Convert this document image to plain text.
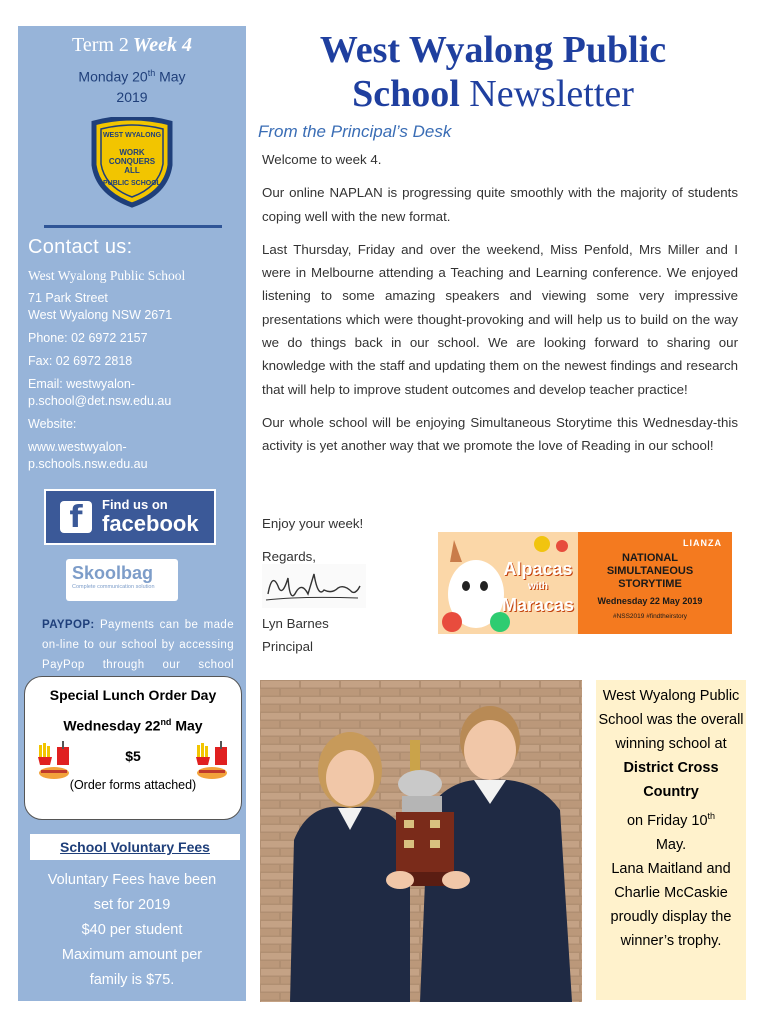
Term 2 Week 4
Monday 20th May
2019
WEST WYALONG
WORK
CONQUERS
ALL
PUBLIC SCHOOL
Contact us:
West Wyalong Public School
71 Park Street
West Wyalong NSW 2671
Phone: 02 6972 2157
Fax: 02 6972 2818
Email: westwyalon-
p.school@det.nsw.edu.au
Website:
www.westwyalon-
p.schools.nsw.edu.au
f	Find us on
facebook
Skoolbag
Complete communication solution
PAYPOP: Payments can be made on-line to our school by accessing PayPop through our school
Special Lunch Order Day
Wednesday 22nd May
$5
(Order forms attached)
School Voluntary Fees
Voluntary Fees have been
set for 2019
$40 per student
Maximum amount per
family is $75.
West Wyalong Public
School Newsletter
From the Principal’s Desk

Welcome to week 4.

Our online NAPLAN is progressing quite smoothly with the majority of students coping well with the new format.

Last Thursday, Friday and over the weekend, Miss Penfold, Mrs Miller and I were in Melbourne attending a Teaching and Learning conference. We enjoyed listening to some amazing speakers and viewing some very impressive presentations which were thought-provoking and will help us to build on the way we do things back in our school. We are looking forward to sharing our knowledge with the staff and updating them on the newest findings and research that will help to improve student outcomes and develop teacher practice!

Our whole school will be enjoying Simultaneous Storytime this Wednesday-this activity is yet another way that we promote the love of Reading in our school!

Enjoy your week!
Regards,
Lyn Barnes
Principal
Alpacas
with
Maracas
LIANZA
NATIONAL
SIMULTANEOUS
STORYTIME
Wednesday 22 May 2019
#NSS2019 #findtheirstory
West Wyalong Public School was the overall winning school at
District Cross Country
on Friday 10th
May.
Lana Maitland and Charlie McCaskie proudly display the winner’s trophy.
